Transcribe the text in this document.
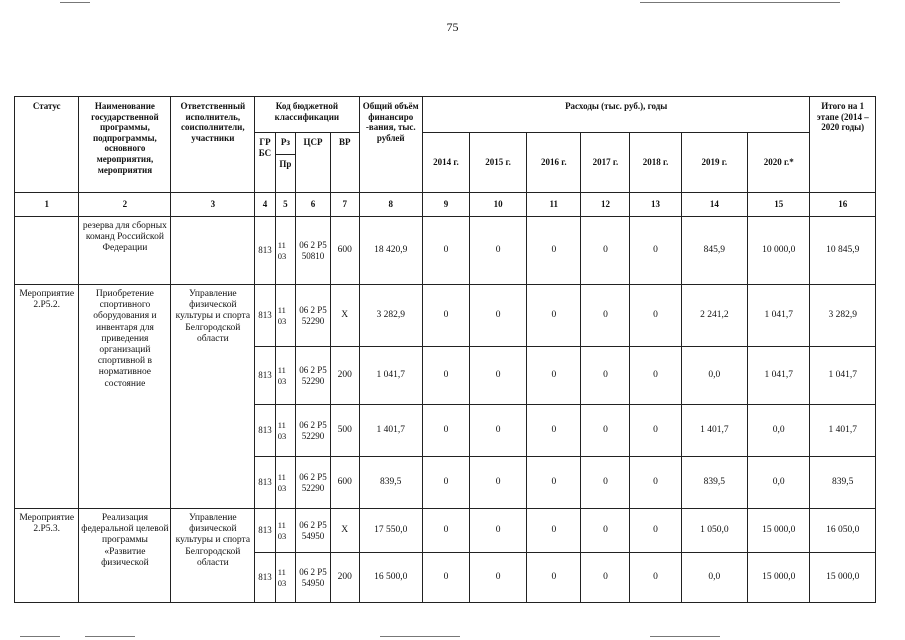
75
Статус	Наименование государственной программы, подпрограммы, основного мероприятия, мероприятия	Ответственный исполнитель, соисполнители, участники	Код бюджетной классификации				Общий объём финансиро -вания, тыс. рублей	Расходы (тыс. руб.), годы							Итого на 1 этапе (2014 – 2020 годы)
			ГР БС	Рз	ЦСР	ВР		2014 г.	2015 г.	2016 г.	2017 г.	2018 г.	2019 г.	2020 г.*	
				Пр											
1	2	3	4	5	6	7	8	9	10	11	12	13	14	15	16
	резерва для сборных команд Российской Федерации		813	11 03	06 2 P5 50810	600	18 420,9	0	0	0	0	0	845,9	10 000,0	10 845,9
Мероприятие 2.Р5.2.	Приобретение спортивного оборудования и инвентаря для приведения организаций спортивной в нормативное состояние	Управление физической культуры и спорта Белгородской области	813	11 03	06 2 P5 52290	X	3 282,9	0	0	0	0	0	2 241,2	1 041,7	3 282,9
			813	11 03	06 2 P5 52290	200	1 041,7	0	0	0	0	0	0,0	1 041,7	1 041,7
			813	11 03	06 2 P5 52290	500	1 401,7	0	0	0	0	0	1 401,7	0,0	1 401,7
			813	11 03	06 2 P5 52290	600	839,5	0	0	0	0	0	839,5	0,0	839,5
Мероприятие 2.Р5.3.	Реализация федеральной целевой программы «Развитие физической	Управление физической культуры и спорта Белгородской области	813	11 03	06 2 P5 54950	X	17 550,0	0	0	0	0	0	1 050,0	15 000,0	16 050,0
			813	11 03	06 2 P5 54950	200	16 500,0	0	0	0	0	0	0,0	15 000,0	15 000,0
